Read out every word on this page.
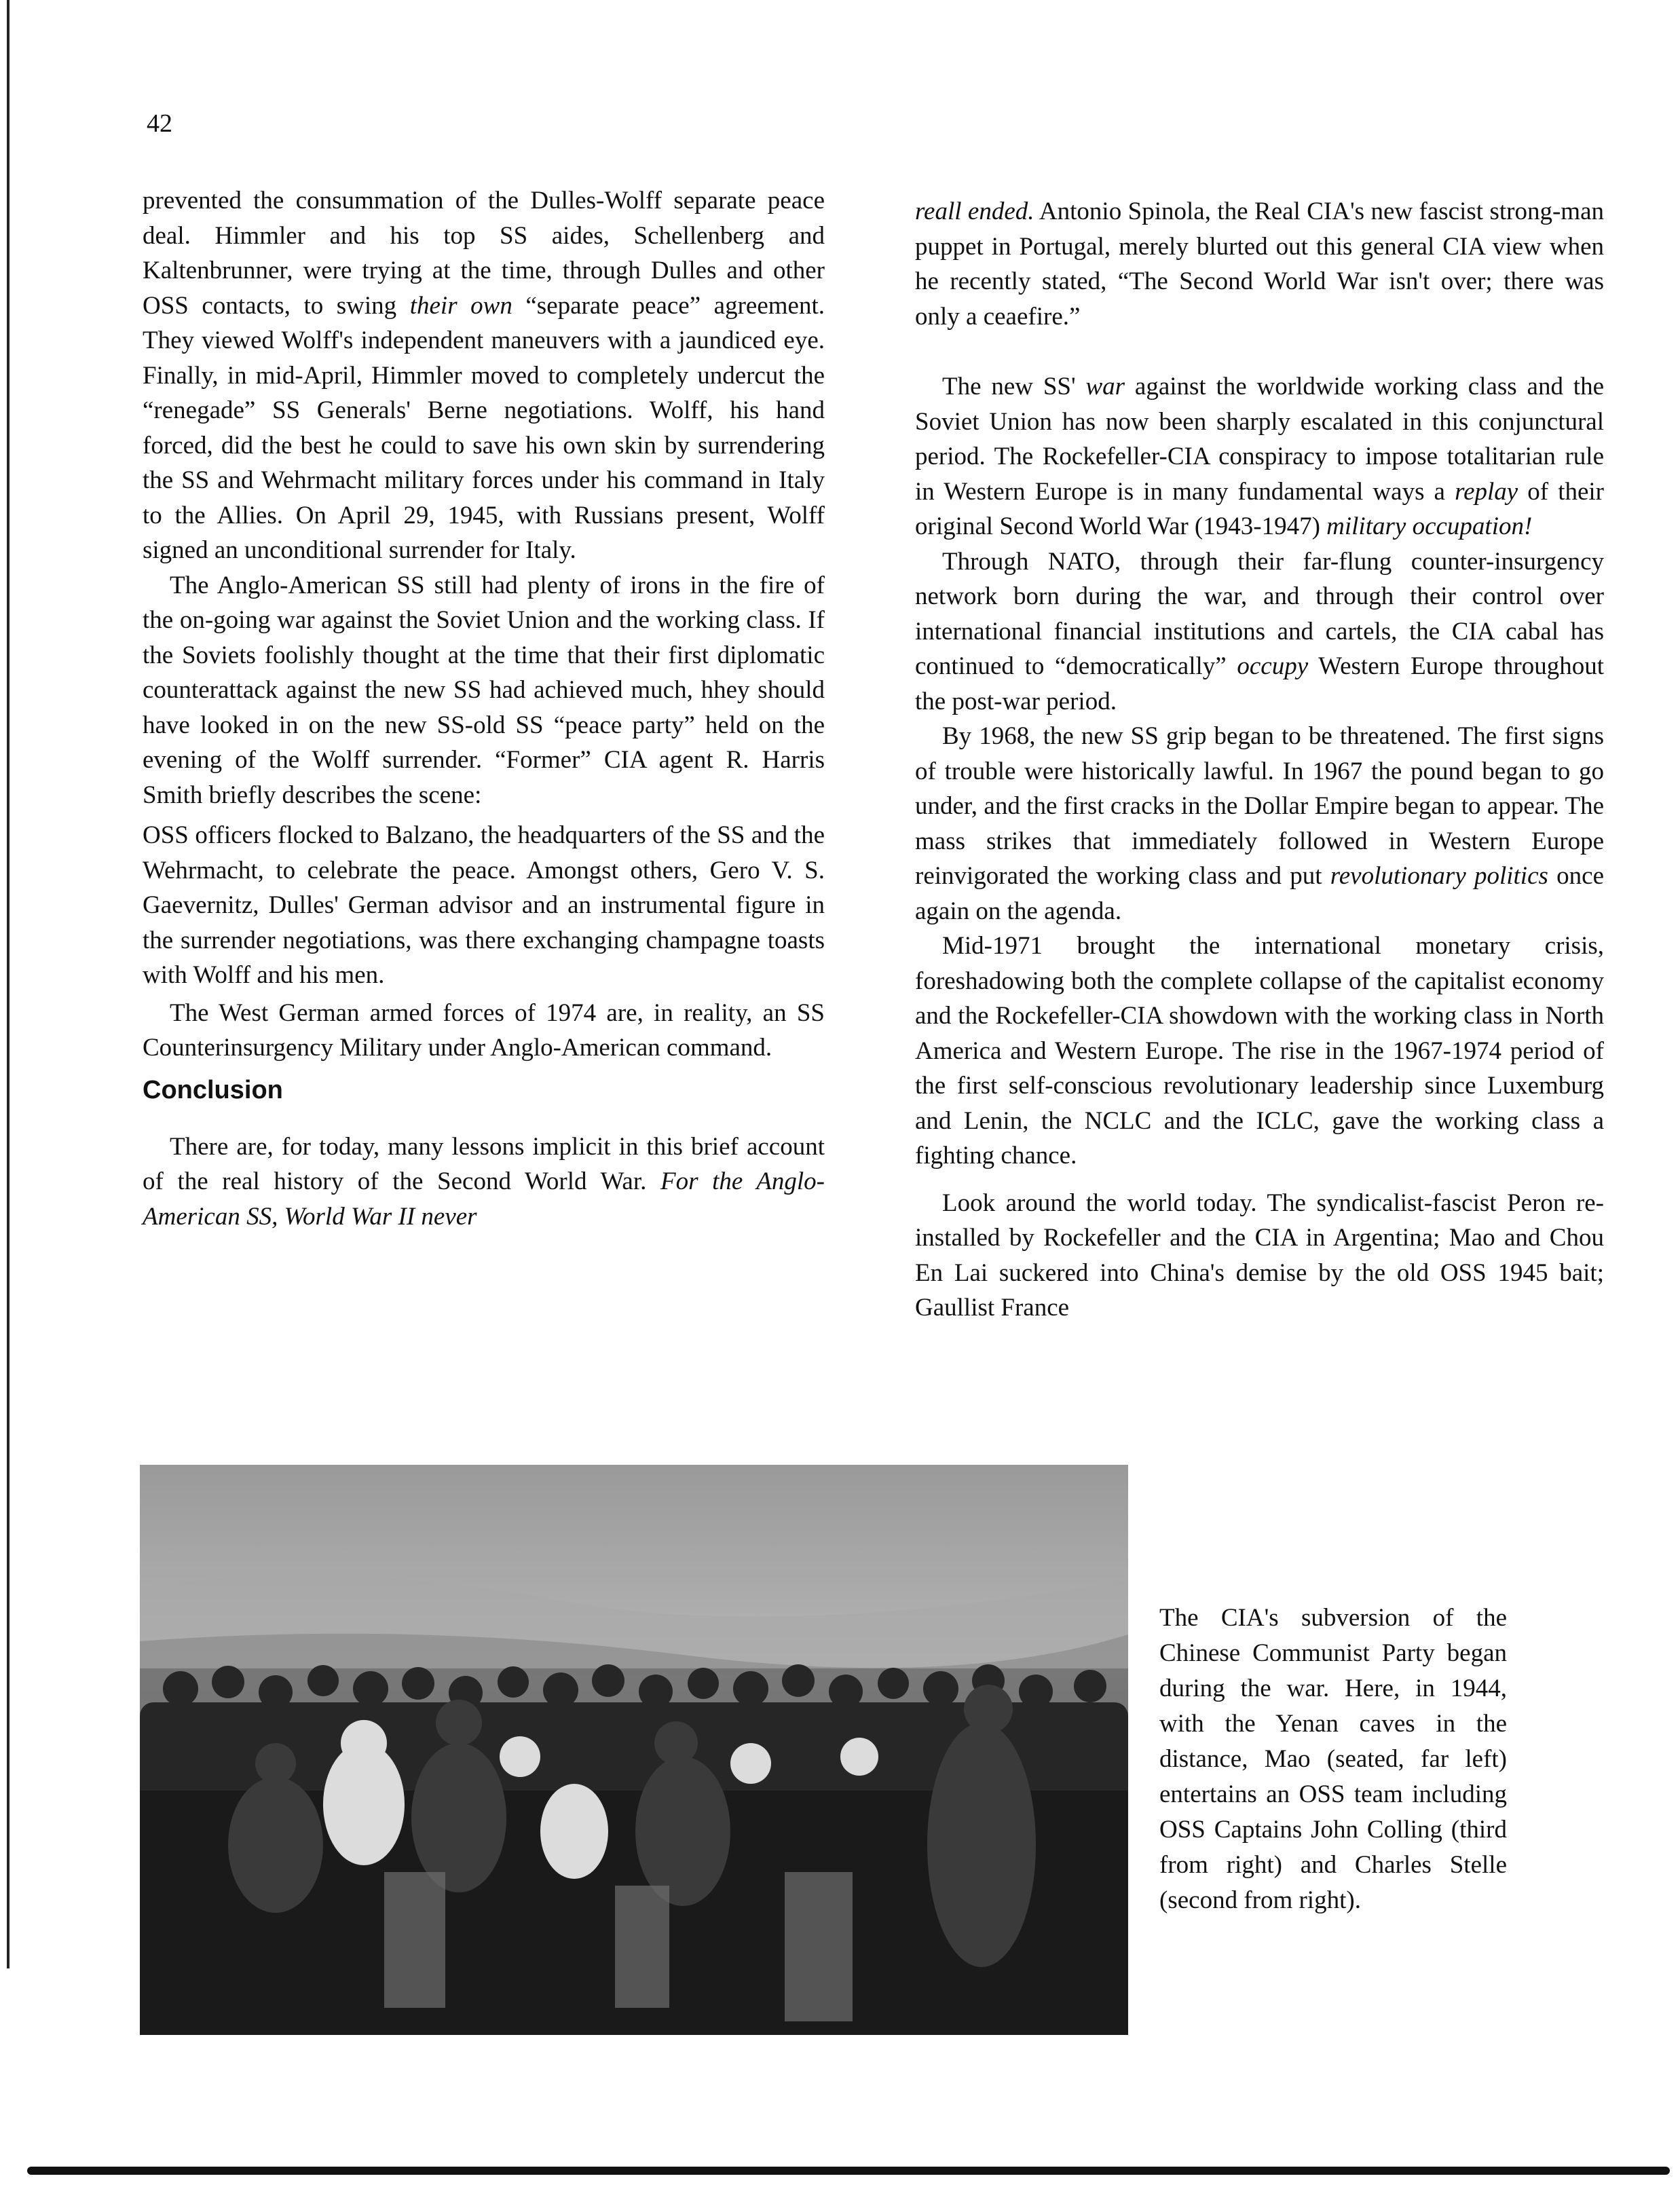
42

prevented the consummation of the Dulles-Wolff separate peace deal. Himmler and his top SS aides, Schellenberg and Kaltenbrunner, were trying at the time, through Dulles and other OSS contacts, to swing their own “separate peace” agreement. They viewed Wolff's independent maneuvers with a jaundiced eye. Finally, in mid-April, Himmler moved to completely undercut the “renegade” SS Generals' Berne negotiations. Wolff, his hand forced, did the best he could to save his own skin by surrendering the SS and Wehrmacht military forces under his command in Italy to the Allies. On April 29, 1945, with Russians present, Wolff signed an unconditional surrender for Italy.

The Anglo-American SS still had plenty of irons in the fire of the on-going war against the Soviet Union and the working class. If the Soviets foolishly thought at the time that their first diplomatic counterattack against the new SS had achieved much, hhey should have looked in on the new SS-old SS “peace party” held on the evening of the Wolff surrender. “Former” CIA agent R. Harris Smith briefly describes the scene:

OSS officers flocked to Balzano, the headquarters of the SS and the Wehrmacht, to celebrate the peace. Amongst others, Gero V. S. Gaevernitz, Dulles' German advisor and an instrumental figure in the surrender negotiations, was there exchanging champagne toasts with Wolff and his men.

The West German armed forces of 1974 are, in reality, an SS Counterinsurgency Military under Anglo-American command.

Conclusion

There are, for today, many lessons implicit in this brief account of the real history of the Second World War. For the Anglo-American SS, World War II never

reall ended. Antonio Spinola, the Real CIA's new fascist strong-man puppet in Portugal, merely blurted out this general CIA view when he recently stated, “The Second World War isn't over; there was only a ceaefire.”

The new SS' war against the worldwide working class and the Soviet Union has now been sharply escalated in this conjunctural period. The Rockefeller-CIA conspiracy to impose totalitarian rule in Western Europe is in many fundamental ways a replay of their original Second World War (1943-1947) military occupation!

Through NATO, through their far-flung counter-insurgency network born during the war, and through their control over international financial institutions and cartels, the CIA cabal has continued to “democratically” occupy Western Europe throughout the post-war period.

By 1968, the new SS grip began to be threatened. The first signs of trouble were historically lawful. In 1967 the pound began to go under, and the first cracks in the Dollar Empire began to appear. The mass strikes that immediately followed in Western Europe reinvigorated the working class and put revolutionary politics once again on the agenda.

Mid-1971 brought the international monetary crisis, foreshadowing both the complete collapse of the capitalist economy and the Rockefeller-CIA showdown with the working class in North America and Western Europe. The rise in the 1967-1974 period of the first self-conscious revolutionary leadership since Luxemburg and Lenin, the NCLC and the ICLC, gave the working class a fighting chance.

Look around the world today. The syndicalist-fascist Peron re-installed by Rockefeller and the CIA in Argentina; Mao and Chou En Lai suckered into China's demise by the old OSS 1945 bait; Gaullist France

The CIA's subversion of the Chinese Communist Party began during the war. Here, in 1944, with the Yenan caves in the distance, Mao (seated, far left) entertains an OSS team including OSS Captains John Colling (third from right) and Charles Stelle (second from right).
